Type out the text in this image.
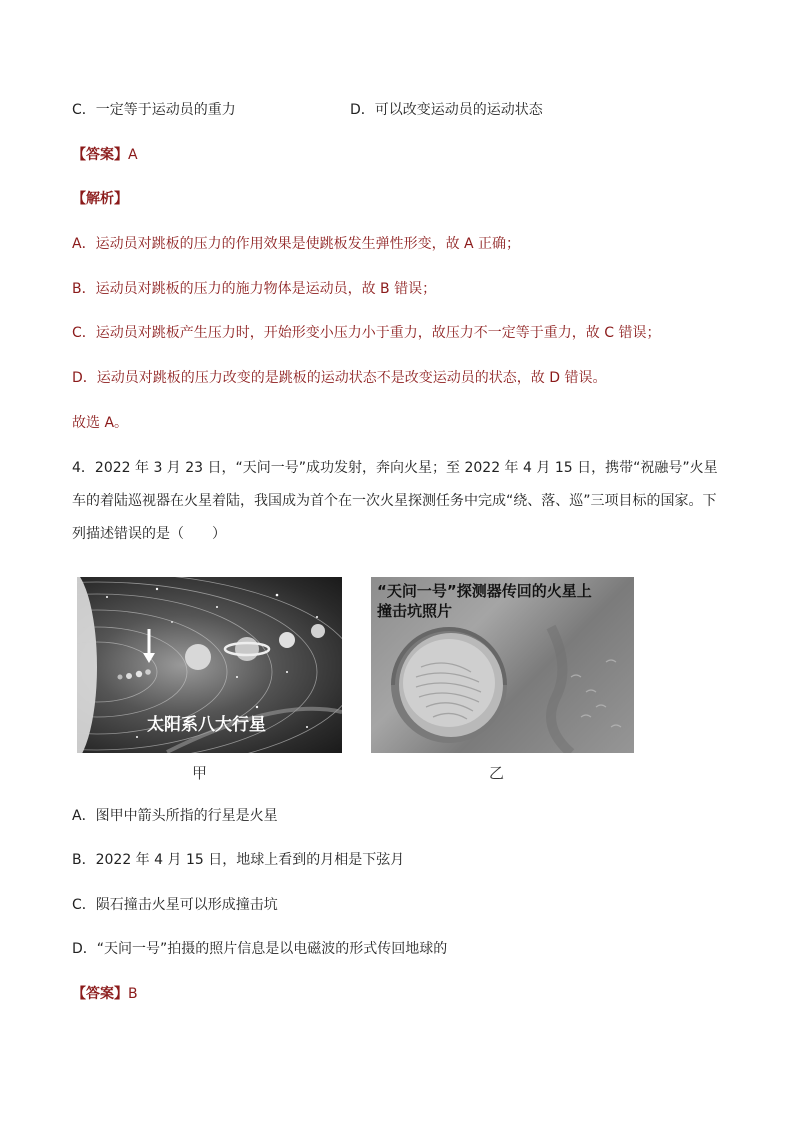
C．一定等于运动员的重力	D．可以改变运动员的运动状态
【答案】A
【解析】
A．运动员对跳板的压力的作用效果是使跳板发生弹性形变，故 A 正确；
B．运动员对跳板的压力的施力物体是运动员，故 B 错误；
C．运动员对跳板产生压力时，开始形变小压力小于重力，故压力不一定等于重力，故 C 错误；
D．运动员对跳板的压力改变的是跳板的运动状态不是改变运动员的状态，故 D 错误。
故选 A。
4．2022 年 3 月 23 日，“天问一号”成功发射，奔向火星；至 2022 年 4 月 15 日，携带“祝融号”火星车的着陆巡视器在火星着陆，我国成为首个在一次火星探测任务中完成“绕、落、巡”三项目标的国家。下列描述错误的是（　　）
太阳系八大行星
甲
“天问一号”探测器传回的火星上
撞击坑照片
乙
A．图甲中箭头所指的行星是火星
B．2022 年 4 月 15 日，地球上看到的月相是下弦月
C．陨石撞击火星可以形成撞击坑
D．“天问一号”拍摄的照片信息是以电磁波的形式传回地球的
【答案】B
